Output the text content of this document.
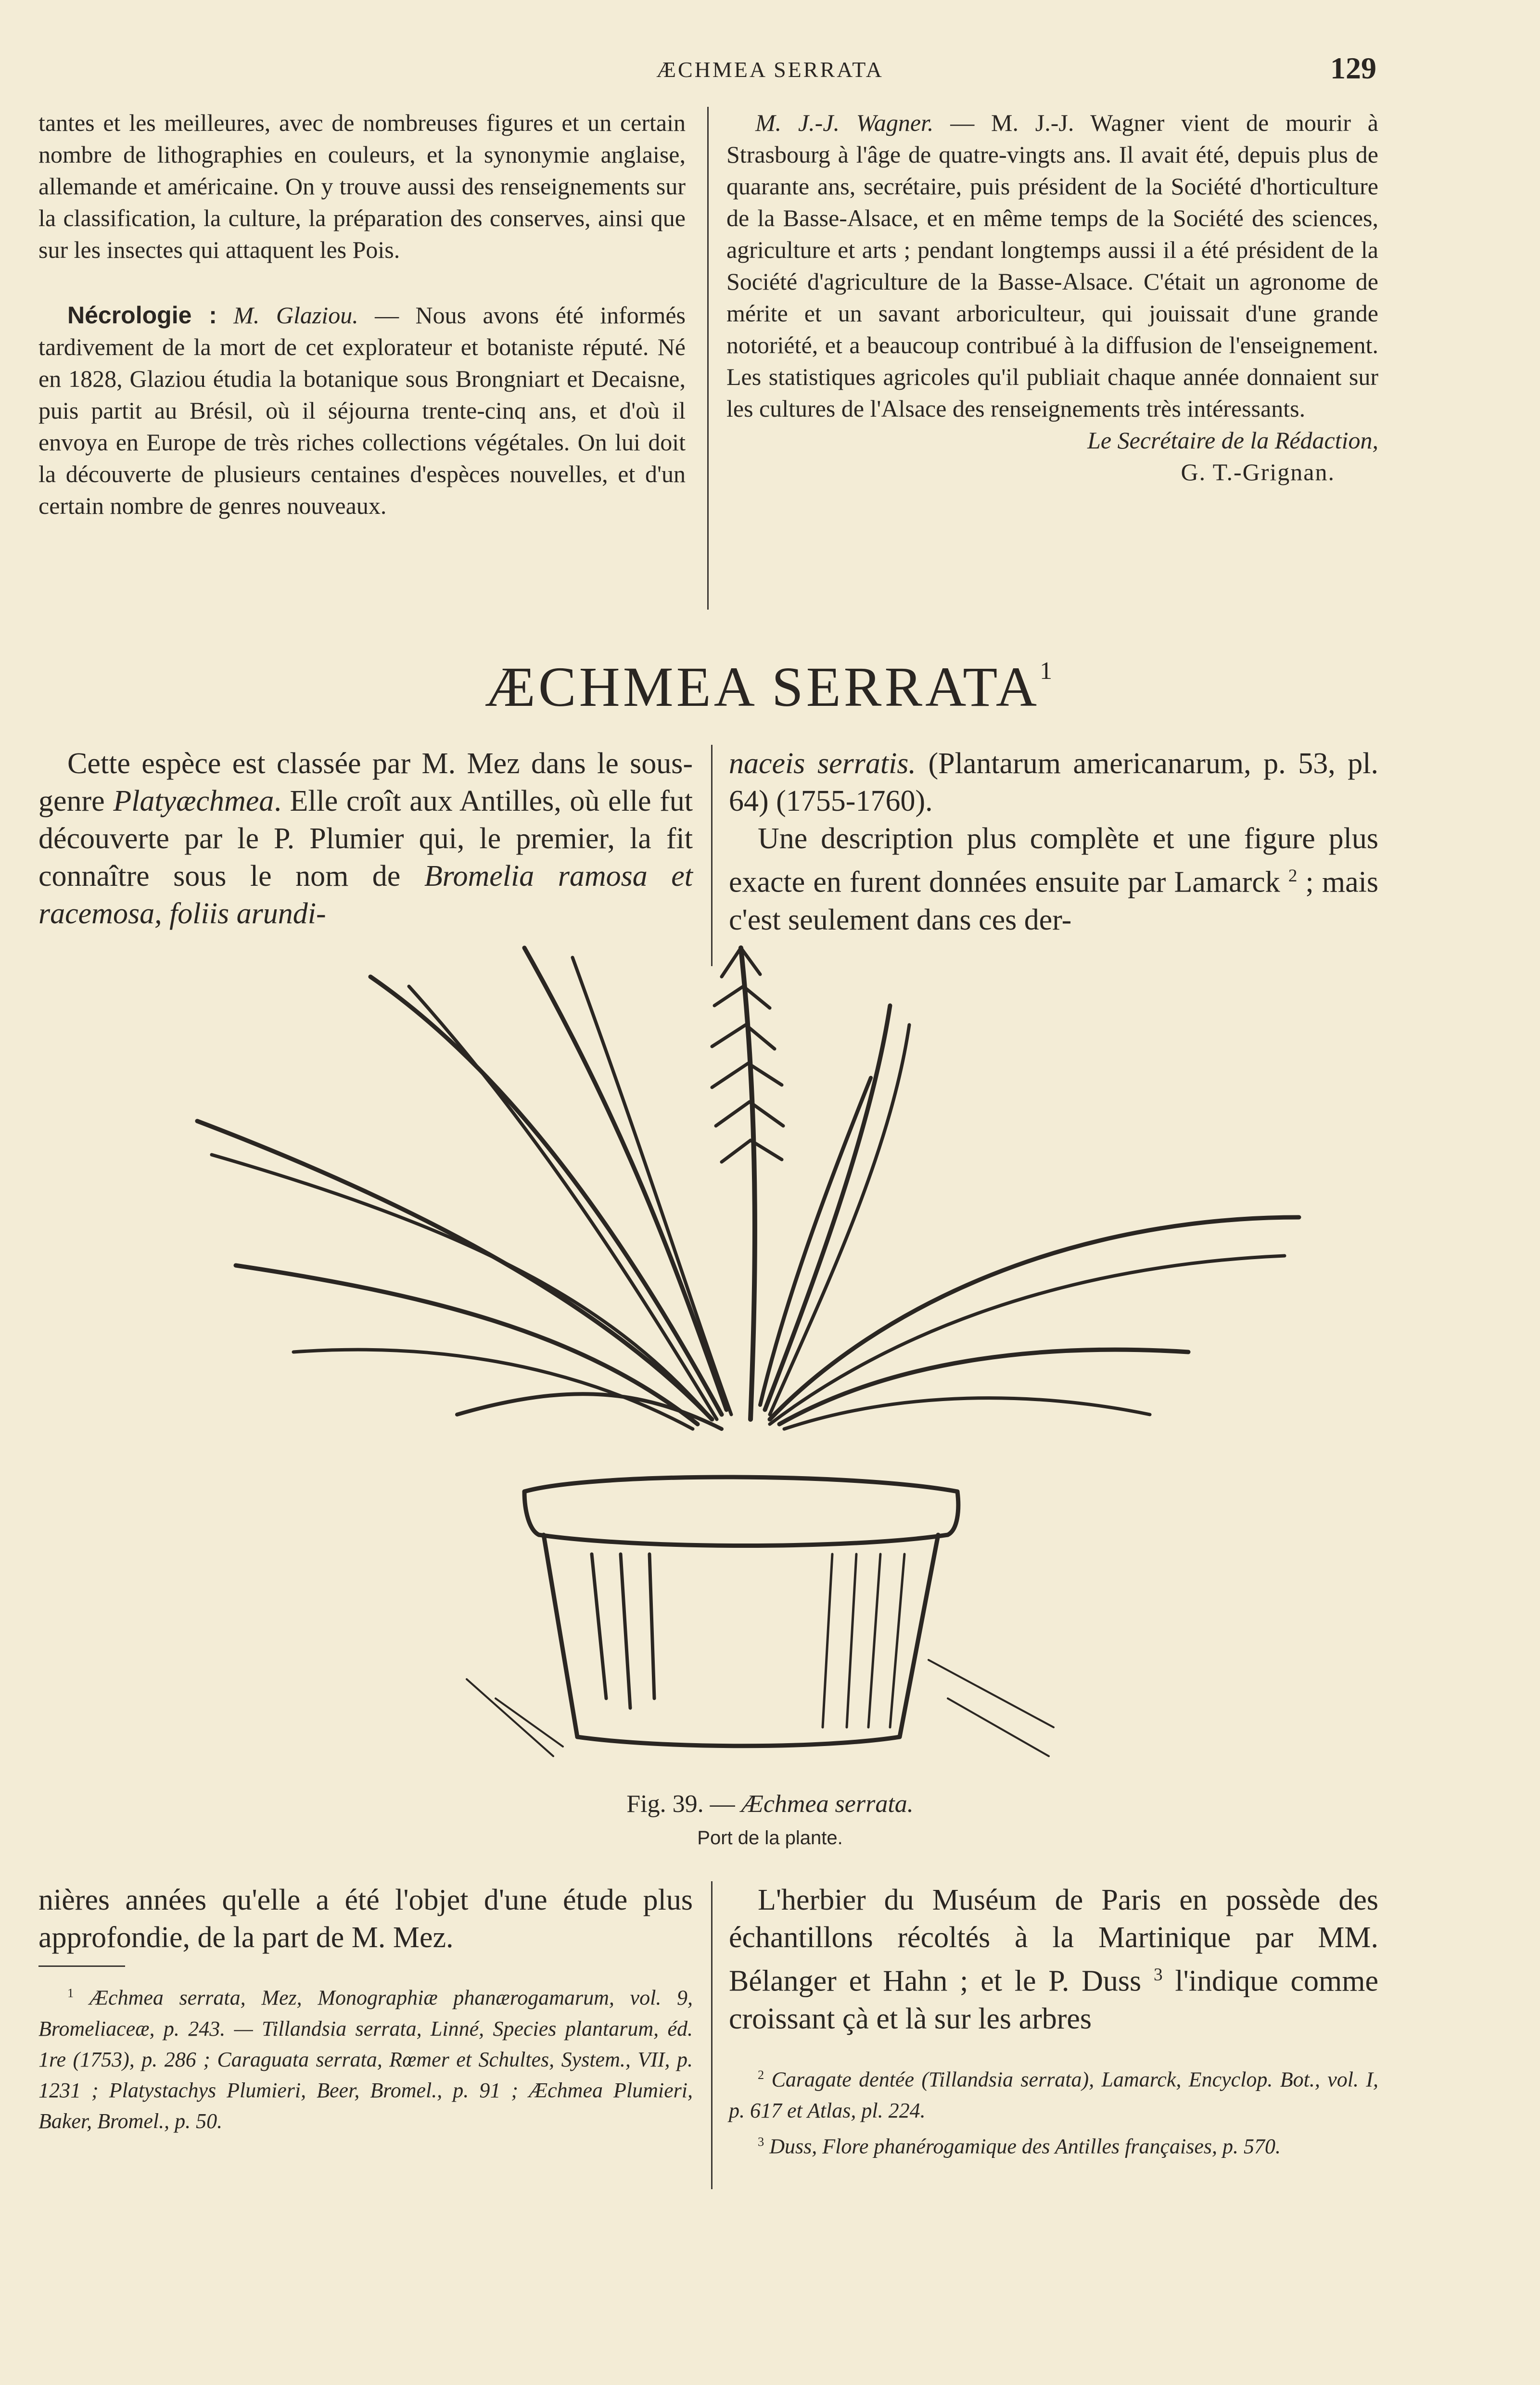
ÆCHMEA SERRATA	129

tantes et les meilleures, avec de nombreuses figures et un certain nombre de lithographies en couleurs, et la synonymie anglaise, allemande et américaine. On y trouve aussi des renseignements sur la classification, la culture, la préparation des conserves, ainsi que sur les insectes qui attaquent les Pois.

Nécrologie : M. Glaziou. — Nous avons été informés tardivement de la mort de cet explorateur et botaniste réputé. Né en 1828, Glaziou étudia la botanique sous Brongniart et Decaisne, puis partit au Brésil, où il séjourna trente-cinq ans, et d'où il envoya en Europe de très riches collections végétales. On lui doit la découverte de plusieurs centaines d'espèces nouvelles, et d'un certain nombre de genres nouveaux.

M. J.-J. Wagner. — M. J.-J. Wagner vient de mourir à Strasbourg à l'âge de quatre-vingts ans. Il avait été, depuis plus de quarante ans, secrétaire, puis président de la Société d'horticulture de la Basse-Alsace, et en même temps de la Société des sciences, agriculture et arts ; pendant longtemps aussi il a été président de la Société d'agriculture de la Basse-Alsace. C'était un agronome de mérite et un savant arboriculteur, qui jouissait d'une grande notoriété, et a beaucoup contribué à la diffusion de l'enseignement. Les statistiques agricoles qu'il publiait chaque année donnaient sur les cultures de l'Alsace des renseignements très intéressants.

Le Secrétaire de la Rédaction,

G. T.-Grignan.

ÆCHMEA SERRATA$^1$

Cette espèce est classée par M. Mez dans le sous-genre Platyæchmea. Elle croît aux Antilles, où elle fut découverte par le P. Plumier qui, le premier, la fit connaître sous le nom de Bromelia ramosa et racemosa, foliis arundi-

naceis serratis. (Plantarum americanarum, p. 53, pl. 64) (1755-1760).

Une description plus complète et une figure plus exacte en furent données ensuite par Lamarck $^2$ ; mais c'est seulement dans ces der-

Fig. 39. — Æchmea serrata.
Port de la plante.

nières années qu'elle a été l'objet d'une étude plus approfondie, de la part de M. Mez.

$^1$ Æchmea serrata, Mez, Monographiæ phanærogamarum, vol. 9, Bromeliaceæ, p. 243. — Tillandsia serrata, Linné, Species plantarum, éd. 1re (1753), p. 286 ; Caraguata serrata, Rœmer et Schultes, System., VII, p. 1231 ; Platystachys Plumieri, Beer, Bromel., p. 91 ; Æchmea Plumieri, Baker, Bromel., p. 50.

L'herbier du Muséum de Paris en possède des échantillons récoltés à la Martinique par MM. Bélanger et Hahn ; et le P. Duss $^3$ l'indique comme croissant çà et là sur les arbres

$^2$ Caragate dentée (Tillandsia serrata), Lamarck, Encyclop. Bot., vol. I, p. 617 et Atlas, pl. 224.

$^3$ Duss, Flore phanérogamique des Antilles françaises, p. 570.
